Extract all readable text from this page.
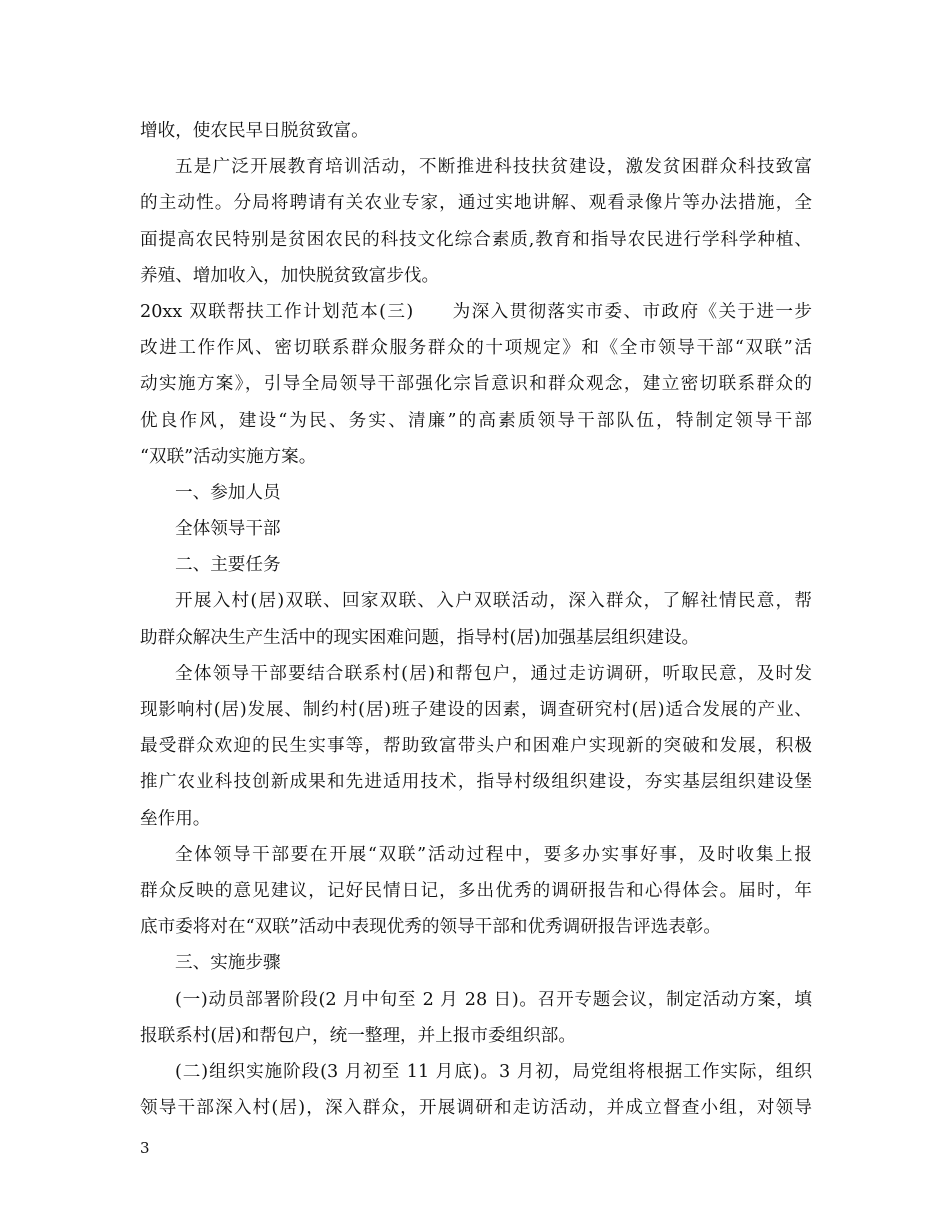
增收，使农民早日脱贫致富。
五是广泛开展教育培训活动，不断推进科技扶贫建设，激发贫困群众科技致富
的主动性。分局将聘请有关农业专家，通过实地讲解、观看录像片等办法措施，全
面提高农民特别是贫困农民的科技文化综合素质,教育和指导农民进行学科学种植、
养殖、增加收入，加快脱贫致富步伐。
20xx 双联帮扶工作计划范本(三)　　为深入贯彻落实市委、市政府《关于进一步
改进工作作风、密切联系群众服务群众的十项规定》和《全市领导干部“双联”活
动实施方案》，引导全局领导干部强化宗旨意识和群众观念，建立密切联系群众的
优良作风，建设“为民、务实、清廉”的高素质领导干部队伍，特制定领导干部
“双联”活动实施方案。
一、参加人员
全体领导干部
二、主要任务
开展入村(居)双联、回家双联、入户双联活动，深入群众，了解社情民意，帮
助群众解决生产生活中的现实困难问题，指导村(居)加强基层组织建设。
全体领导干部要结合联系村(居)和帮包户，通过走访调研，听取民意，及时发
现影响村(居)发展、制约村(居)班子建设的因素，调查研究村(居)适合发展的产业、
最受群众欢迎的民生实事等，帮助致富带头户和困难户实现新的突破和发展，积极
推广农业科技创新成果和先进适用技术，指导村级组织建设，夯实基层组织建设堡
垒作用。
全体领导干部要在开展“双联”活动过程中，要多办实事好事，及时收集上报
群众反映的意见建议，记好民情日记，多出优秀的调研报告和心得体会。届时，年
底市委将对在“双联”活动中表现优秀的领导干部和优秀调研报告评选表彰。
三、实施步骤
(一)动员部署阶段(2 月中旬至 2 月 28 日)。召开专题会议，制定活动方案，填
报联系村(居)和帮包户，统一整理，并上报市委组织部。
(二)组织实施阶段(3 月初至 11 月底)。3 月初，局党组将根据工作实际，组织
领导干部深入村(居)，深入群众，开展调研和走访活动，并成立督查小组，对领导
3
